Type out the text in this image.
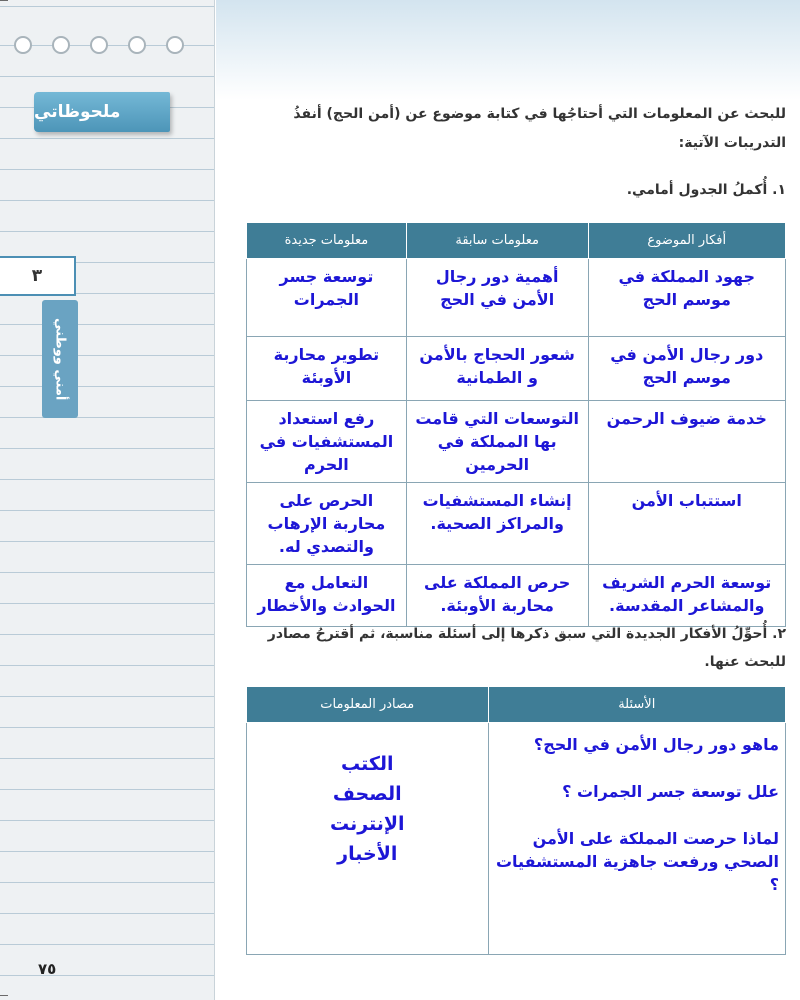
ملحوظاتي
٣
أمني ووطني
٧٥
للبحث عن المعلومات التي أحتاجُها في كتابة موضوع عن (أمن الحج) أنفذُ التدريبات الآتية:
١. أُكملُ الجدول أمامي.
أفكار الموضوع	معلومات سابقة	معلومات جديدة

جهود المملكة في موسم الحج	أهمية دور رجال الأمن في الحج	توسعة جسر الجمرات

دور رجال الأمن في موسم الحج	شعور الحجاج بالأمن و الطمانية	تطوير محاربة الأوبئة

خدمة ضيوف الرحمن	التوسعات التي قامت بها المملكة في الحرمين	رفع استعداد المستشفيات في الحرم

استتباب الأمن	إنشاء المستشفيات والمراكز الصحية.	الحرص على محاربة الإرهاب والتصدي له.

توسعة الحرم الشريف والمشاعر المقدسة.	حرص المملكة على محاربة الأوبئة.	التعامل مع الحوادث والأخطار
٢. أُحوِّلُ الأفكار الجديدة التي سبق ذكرها إلى أسئلة مناسبة، ثم أقترحُ مصادر للبحث عنها.
الأسئلة	مصادر المعلومات

ماهو دور رجال الأمن في الحج؟
علل توسعة جسر الجمرات ؟
لماذا حرصت المملكة على الأمن الصحي ورفعت جاهزية المستشفيات ؟	الكتب
الصحف
الإنترنت
الأخبار
